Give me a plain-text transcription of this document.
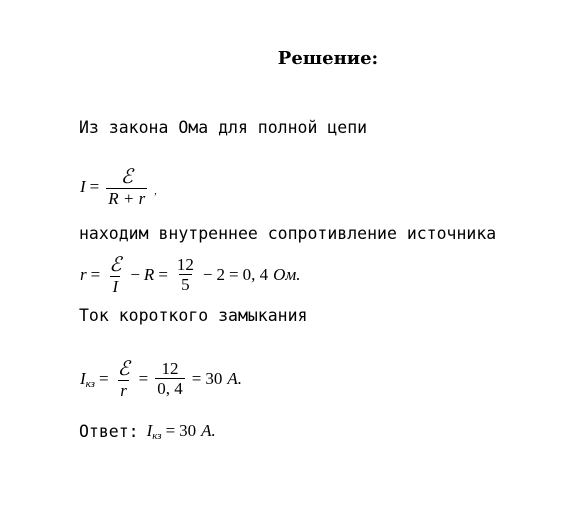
Решение:
Из закона Ома для полной цепи
$I = \frac{\text{ℰ}}{R + r}$ ,
находим внутреннее сопротивление источника
$r = \frac{\text{ℰ}}{I} - R = \frac{12}{5} - 2 = 0$, 4 Ом.
Ток короткого замыкания
I кз = $\frac{\text{ℰ}}{r} = \frac{12}{0, 4} = 30$ А.
Ответ: I кз = 30 А.
